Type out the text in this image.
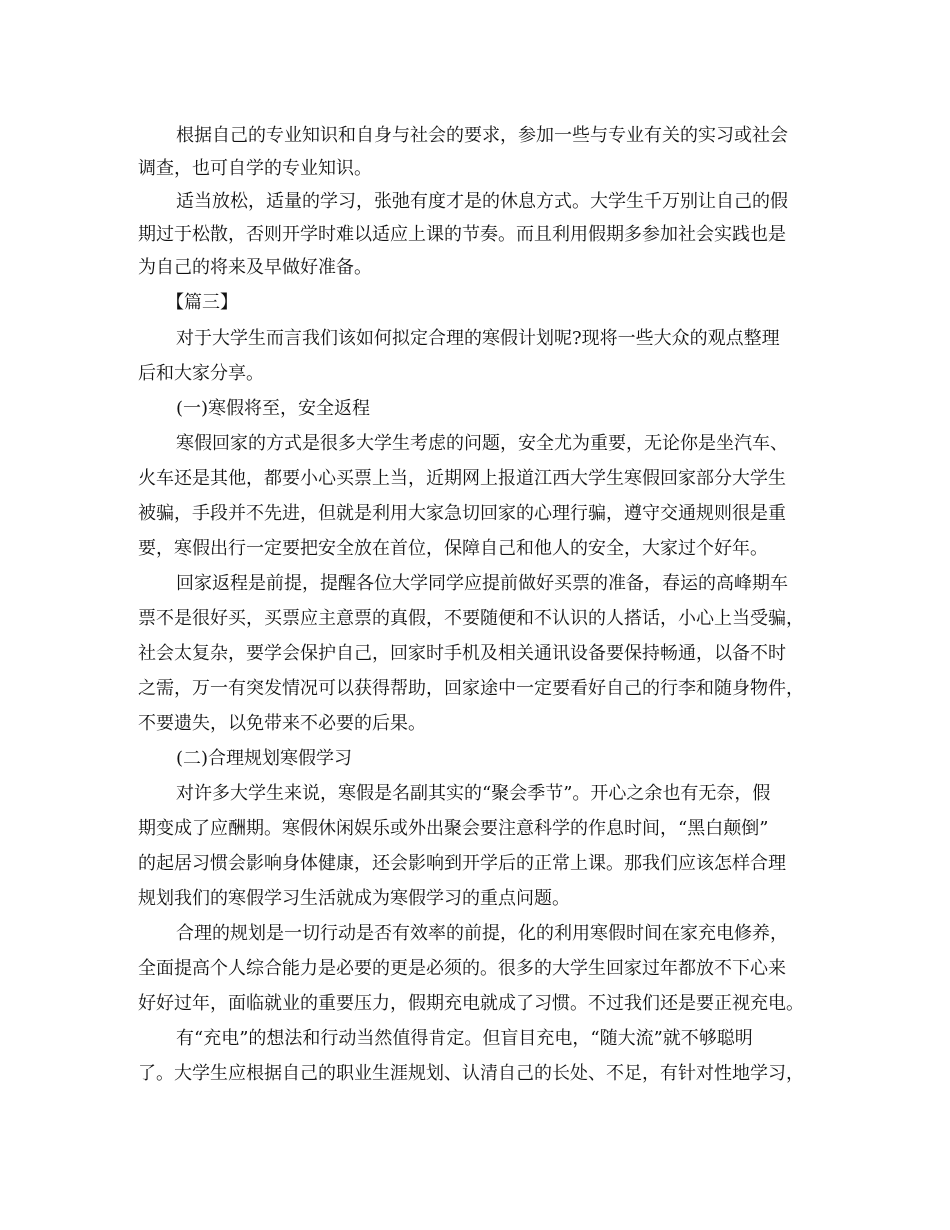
根据自己的专业知识和自身与社会的要求，参加一些与专业有关的实习或社会
调查，也可自学的专业知识。
适当放松，适量的学习，张弛有度才是的休息方式。大学生千万别让自己的假
期过于松散，否则开学时难以适应上课的节奏。而且利用假期多参加社会实践也是
为自己的将来及早做好准备。
【篇三】
对于大学生而言我们该如何拟定合理的寒假计划呢?现将一些大众的观点整理
后和大家分享。
(一)寒假将至，安全返程
寒假回家的方式是很多大学生考虑的问题，安全尤为重要，无论你是坐汽车、
火车还是其他，都要小心买票上当，近期网上报道江西大学生寒假回家部分大学生
被骗，手段并不先进，但就是利用大家急切回家的心理行骗，遵守交通规则很是重
要，寒假出行一定要把安全放在首位，保障自己和他人的安全，大家过个好年。
回家返程是前提，提醒各位大学同学应提前做好买票的准备，春运的高峰期车
票不是很好买，买票应主意票的真假，不要随便和不认识的人搭话，小心上当受骗，
社会太复杂，要学会保护自己，回家时手机及相关通讯设备要保持畅通，以备不时
之需，万一有突发情况可以获得帮助，回家途中一定要看好自己的行李和随身物件，
不要遗失，以免带来不必要的后果。
(二)合理规划寒假学习
对许多大学生来说，寒假是名副其实的“聚会季节”。开心之余也有无奈，假
期变成了应酬期。寒假休闲娱乐或外出聚会要注意科学的作息时间，“黑白颠倒”
的起居习惯会影响身体健康，还会影响到开学后的正常上课。那我们应该怎样合理
规划我们的寒假学习生活就成为寒假学习的重点问题。
合理的规划是一切行动是否有效率的前提，化的利用寒假时间在家充电修养，
全面提高个人综合能力是必要的更是必须的。很多的大学生回家过年都放不下心来
好好过年，面临就业的重要压力，假期充电就成了习惯。不过我们还是要正视充电。
有“充电”的想法和行动当然值得肯定。但盲目充电，“随大流”就不够聪明
了。大学生应根据自己的职业生涯规划、认清自己的长处、不足，有针对性地学习，
